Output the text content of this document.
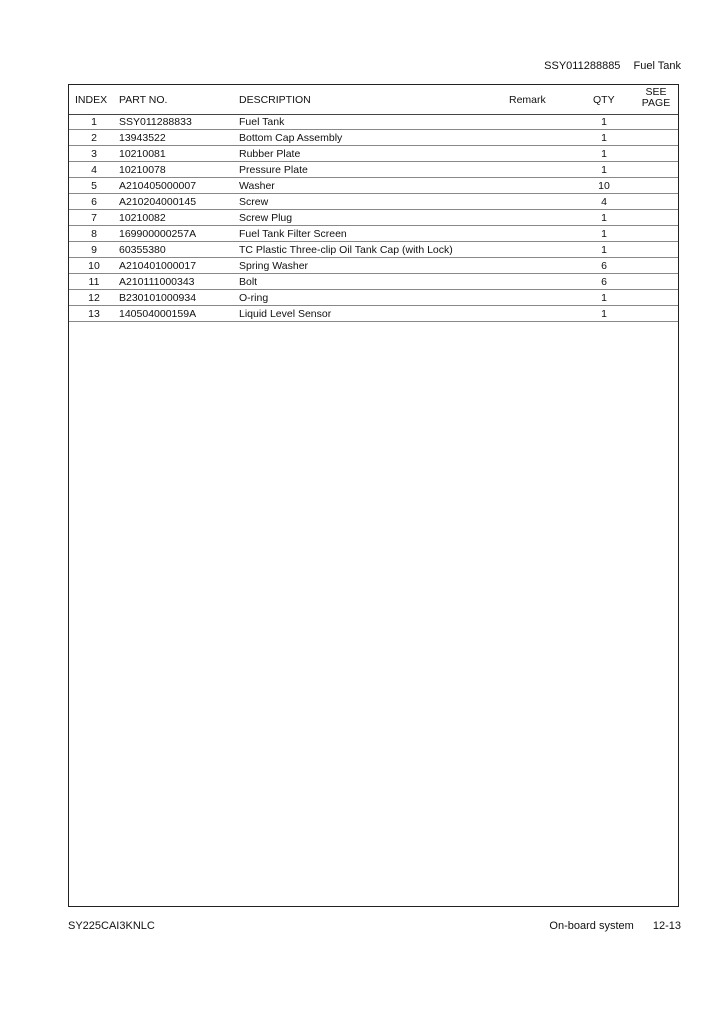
SSY011288885 Fuel Tank
INDEX PART NO.	DESCRIPTION	Remark	QTY
SEE
PAGE
1	SSY011288833	Fuel Tank	1
2	13943522	Bottom Cap Assembly	1
3	10210081	Rubber Plate	1
4	10210078	Pressure Plate	1
5	A210405000007	Washer	10
6	A210204000145	Screw	4
7	10210082	Screw Plug	1
8	169900000257A	Fuel Tank Filter Screen	1
9	60355380	TC Plastic Three-clip Oil Tank Cap (with Lock)	1
10	A210401000017	Spring Washer	6
11	A210111000343	Bolt	6
12	B230101000934	O-ring	1
13	140504000159A	Liquid Level Sensor	1
SY225CAI3KNLC	On-board system 12-13
